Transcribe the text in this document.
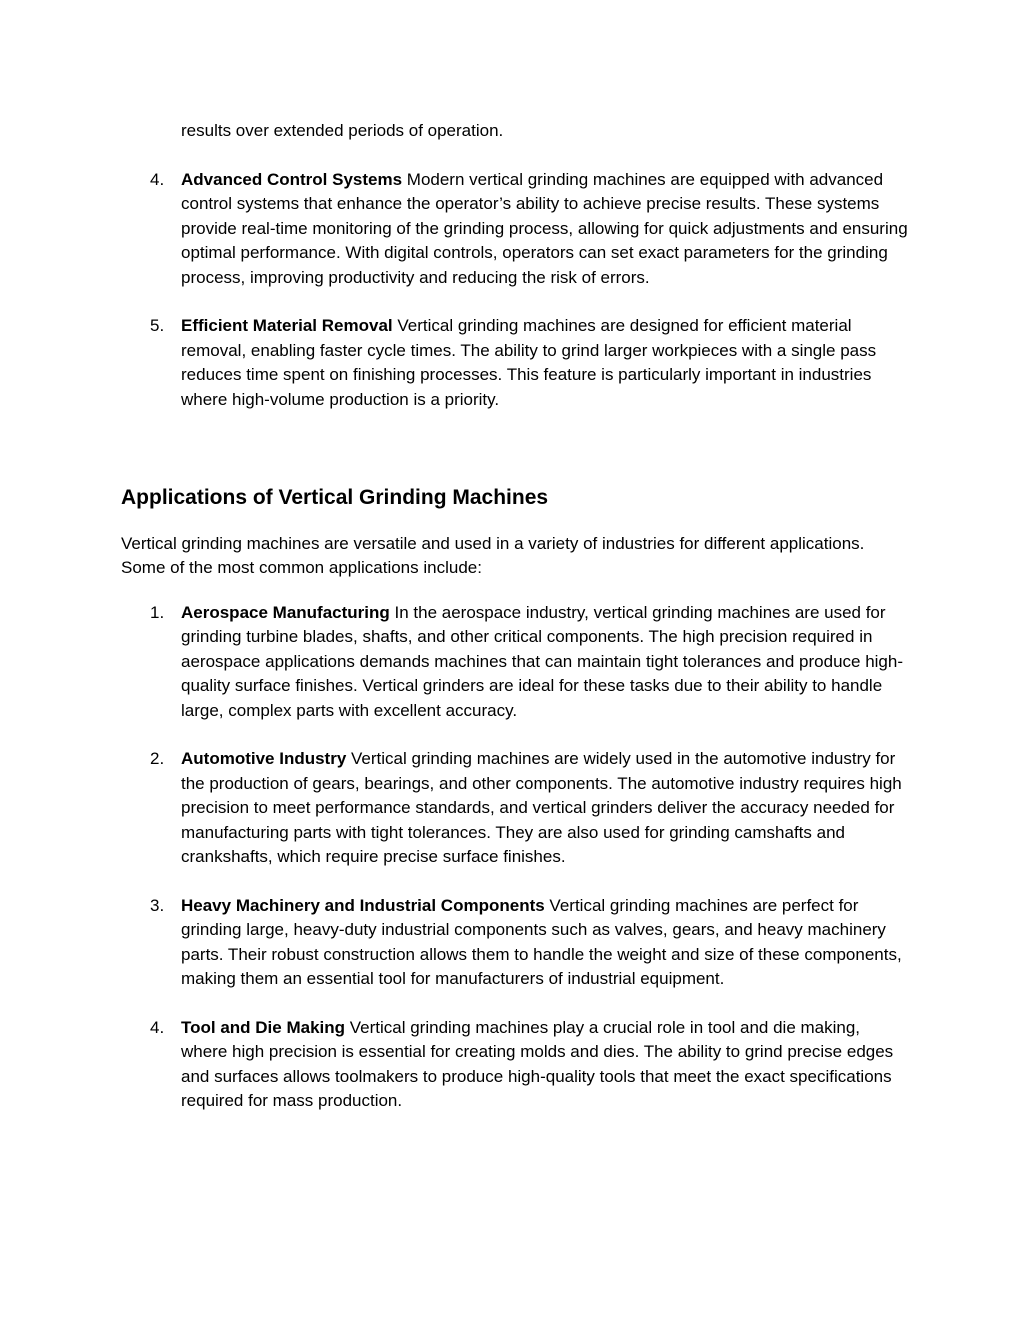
results over extended periods of operation.

4. Advanced Control Systems Modern vertical grinding machines are equipped with advanced control systems that enhance the operator’s ability to achieve precise results. These systems provide real-time monitoring of the grinding process, allowing for quick adjustments and ensuring optimal performance. With digital controls, operators can set exact parameters for the grinding process, improving productivity and reducing the risk of errors.
5. Efficient Material Removal Vertical grinding machines are designed for efficient material removal, enabling faster cycle times. The ability to grind larger workpieces with a single pass reduces time spent on finishing processes. This feature is particularly important in industries where high-volume production is a priority.
Applications of Vertical Grinding Machines

Vertical grinding machines are versatile and used in a variety of industries for different applications. Some of the most common applications include:

1. Aerospace Manufacturing In the aerospace industry, vertical grinding machines are used for grinding turbine blades, shafts, and other critical components. The high precision required in aerospace applications demands machines that can maintain tight tolerances and produce high-quality surface finishes. Vertical grinders are ideal for these tasks due to their ability to handle large, complex parts with excellent accuracy.
2. Automotive Industry Vertical grinding machines are widely used in the automotive industry for the production of gears, bearings, and other components. The automotive industry requires high precision to meet performance standards, and vertical grinders deliver the accuracy needed for manufacturing parts with tight tolerances. They are also used for grinding camshafts and crankshafts, which require precise surface finishes.
3. Heavy Machinery and Industrial Components Vertical grinding machines are perfect for grinding large, heavy-duty industrial components such as valves, gears, and heavy machinery parts. Their robust construction allows them to handle the weight and size of these components, making them an essential tool for manufacturers of industrial equipment.
4. Tool and Die Making Vertical grinding machines play a crucial role in tool and die making, where high precision is essential for creating molds and dies. The ability to grind precise edges and surfaces allows toolmakers to produce high-quality tools that meet the exact specifications required for mass production.
